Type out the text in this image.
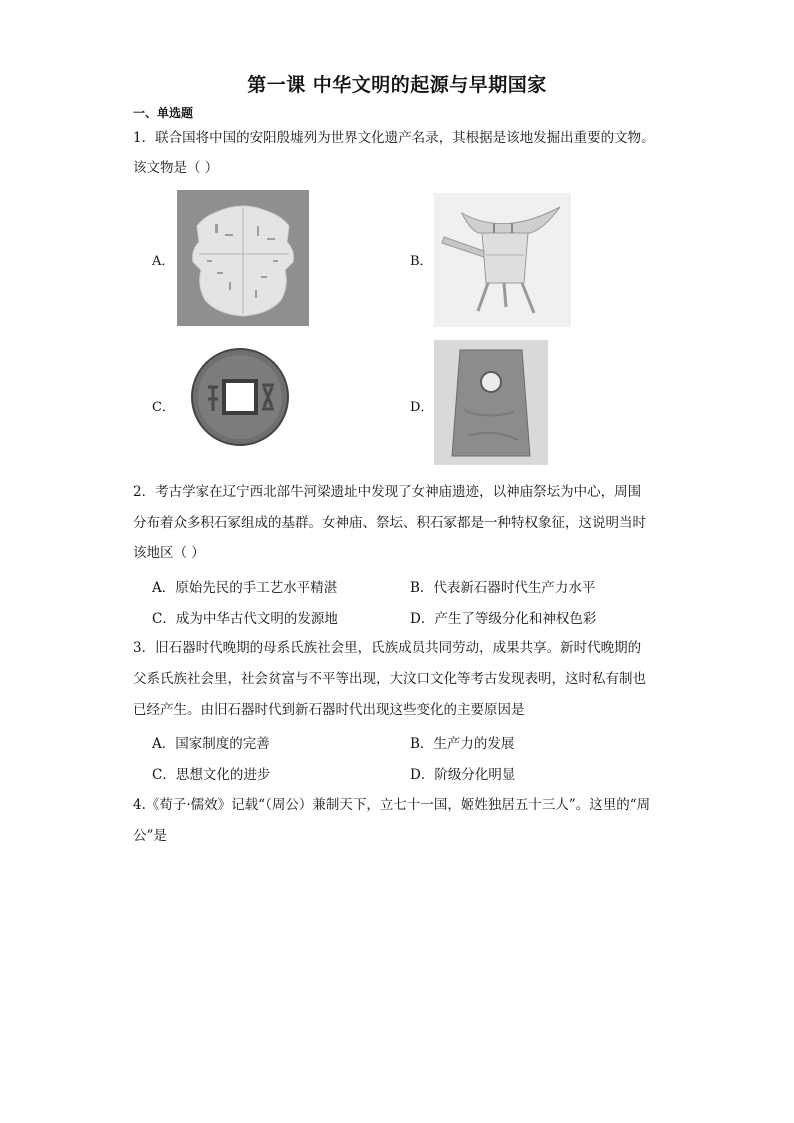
第一课 中华文明的起源与早期国家
一、单选题
1．联合国将中国的安阳殷墟列为世界文化遗产名录，其根据是该地发掘出重要的文物。
该文物是（ ）
A．	B．
C．	D．
2．考古学家在辽宁西北部牛河梁遗址中发现了女神庙遗迹，以神庙祭坛为中心，周围
分布着众多积石冢组成的基群。女神庙、祭坛、积石冢都是一种特权象征，这说明当时
该地区（ ）
A．原始先民的手工艺水平精湛	B．代表新石器时代生产力水平
C．成为中华古代文明的发源地	D．产生了等级分化和神权色彩
3．旧石器时代晚期的母系氏族社会里，氏族成员共同劳动，成果共享。新时代晚期的
父系氏族社会里，社会贫富与不平等出现，大汶口文化等考古发现表明，这时私有制也
已经产生。由旧石器时代到新石器时代出现这些变化的主要原因是
A．国家制度的完善	B．生产力的发展
C．思想文化的进步	D．阶级分化明显
4.《荀子·儒效》记载“（周公）兼制天下，立七十一国，姬姓独居五十三人”。这里的“周
公”是
